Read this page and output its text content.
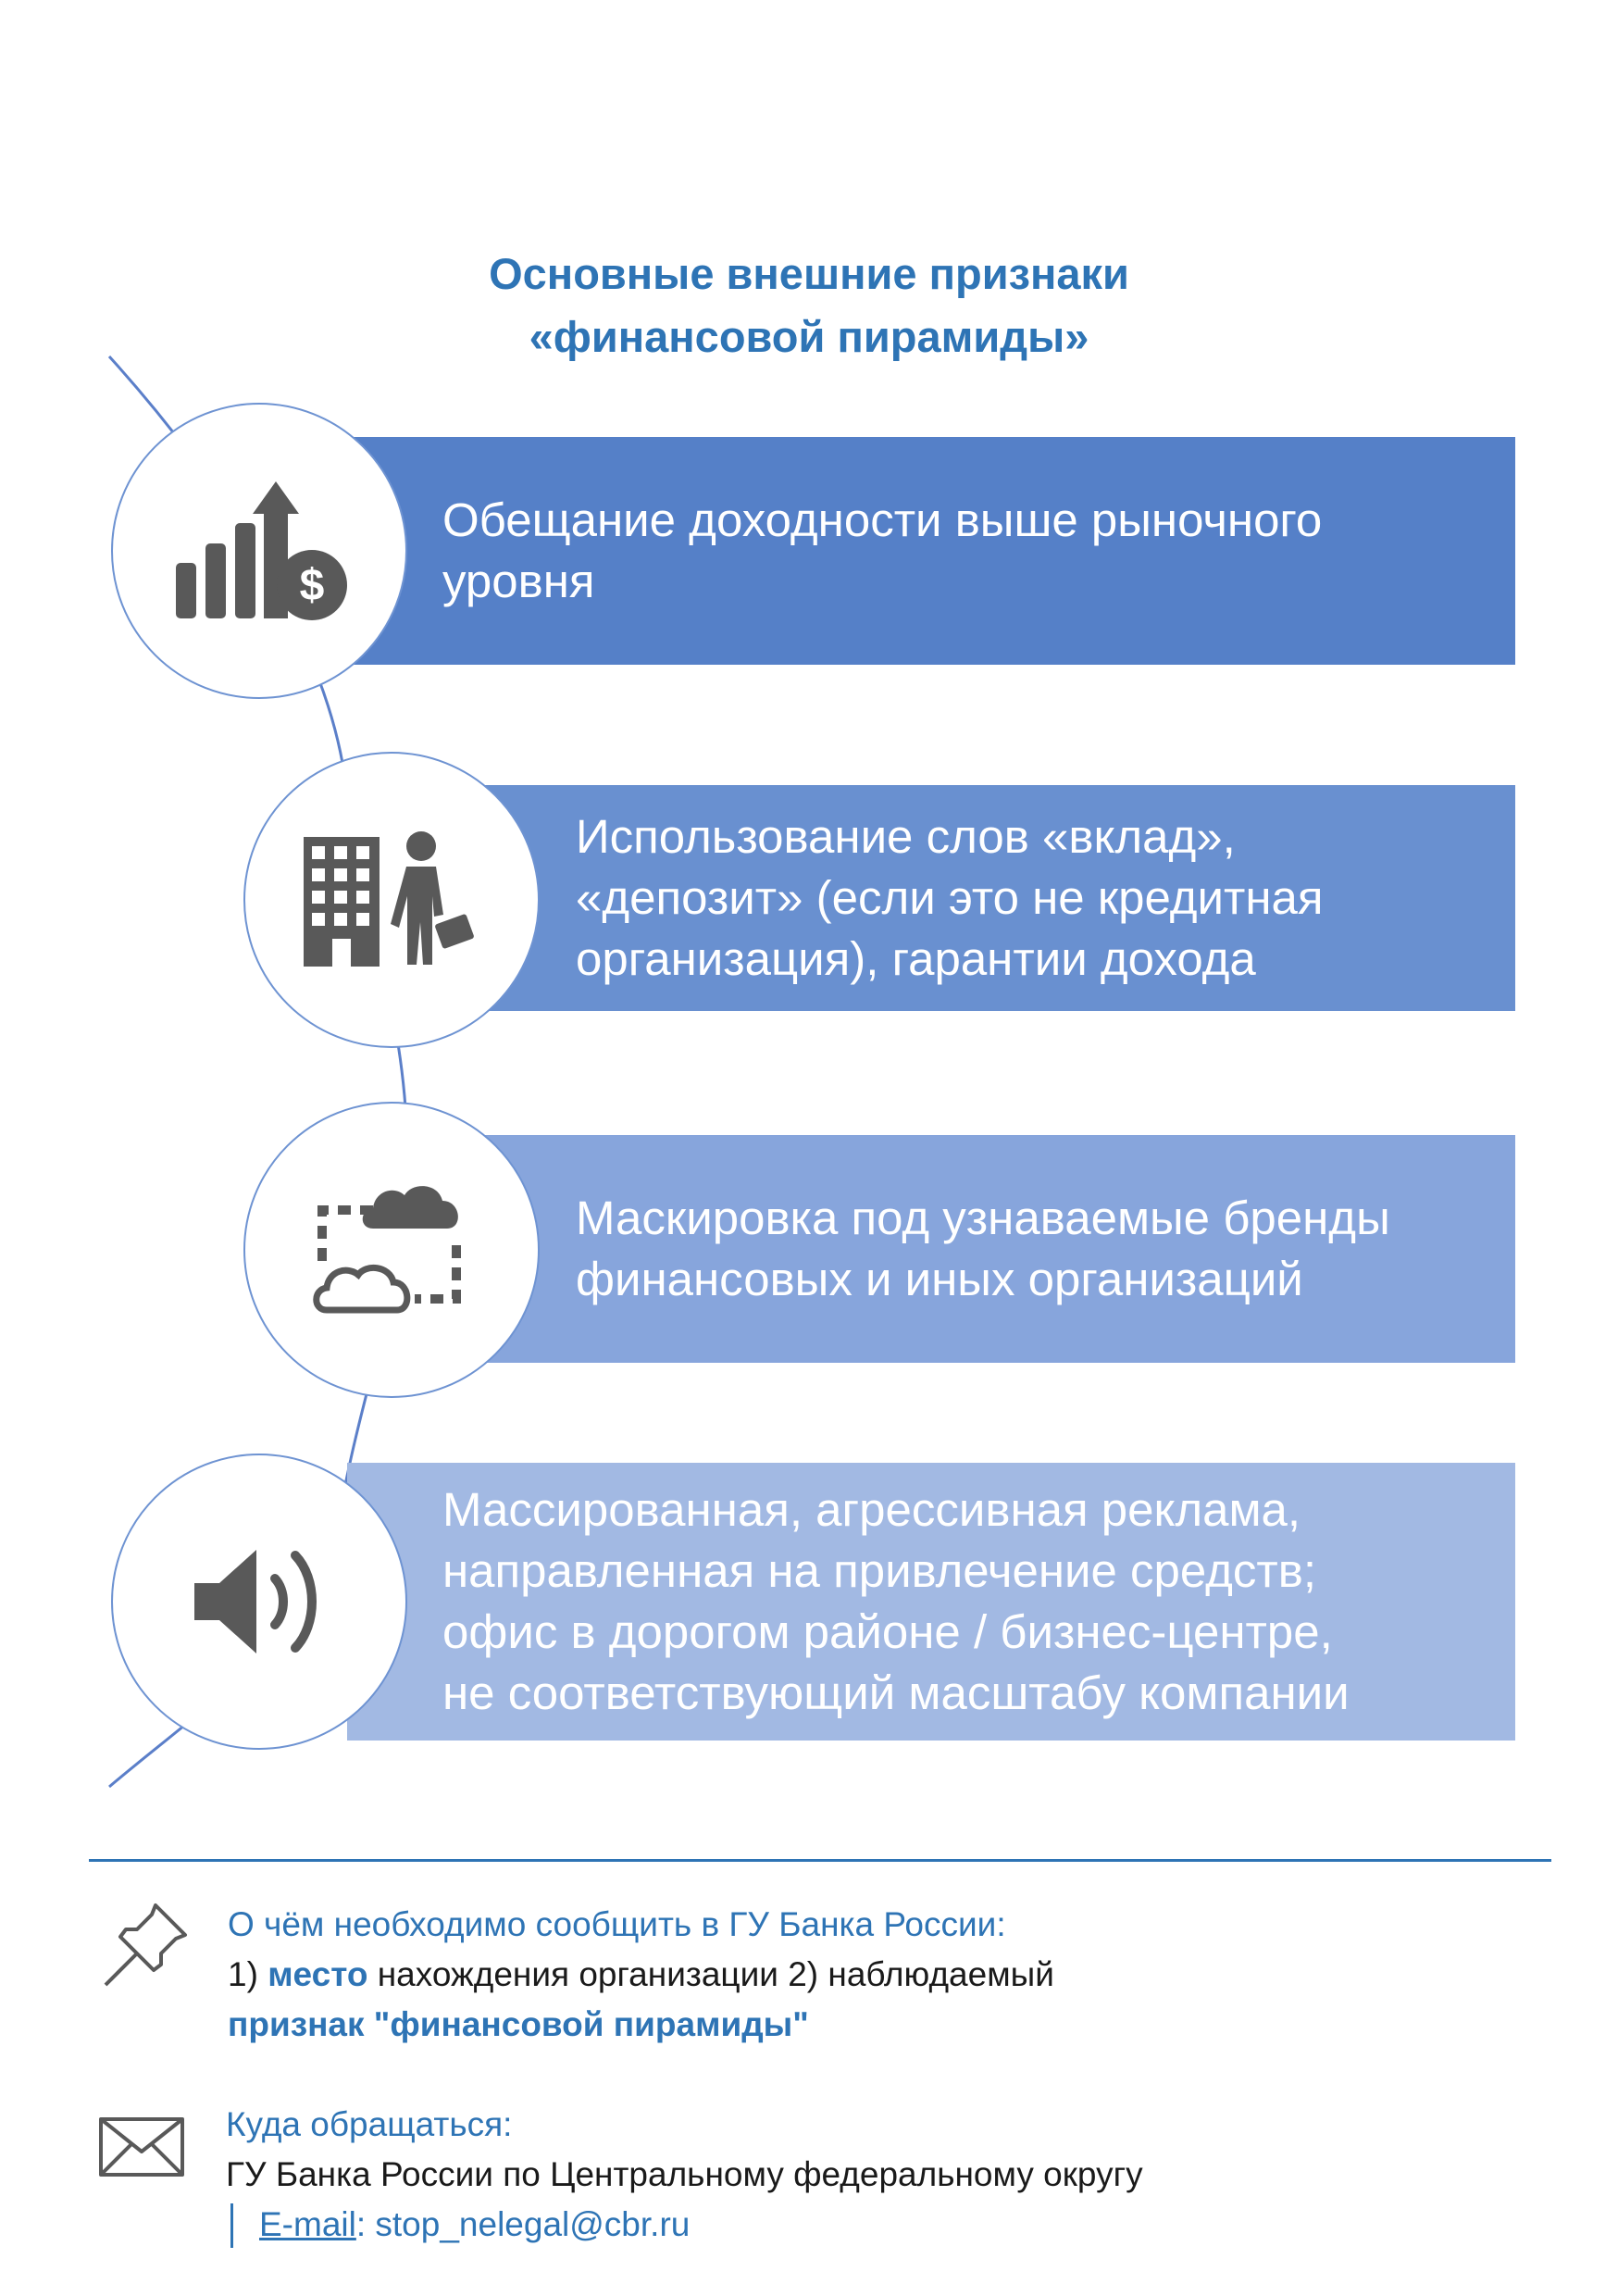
Основные внешние признаки
«финансовой пирамиды»
Обещание доходности выше рыночного
уровня
$
Использование слов «вклад»,
«депозит» (если это не кредитная
организация), гарантии дохода
Маскировка под узнаваемые бренды
финансовых и иных организаций
Массированная, агрессивная реклама,
направленная на привлечение средств;
офис в дорогом районе / бизнес-центре,
не соответствующий масштабу компании
О чём необходимо сообщить в ГУ Банка России:
1) место нахождения организации 2) наблюдаемый
признак "финансовой пирамиды"
Куда обращаться:
ГУ Банка России по Центральному федеральному округу
E-mail: stop_nelegal@cbr.ru
